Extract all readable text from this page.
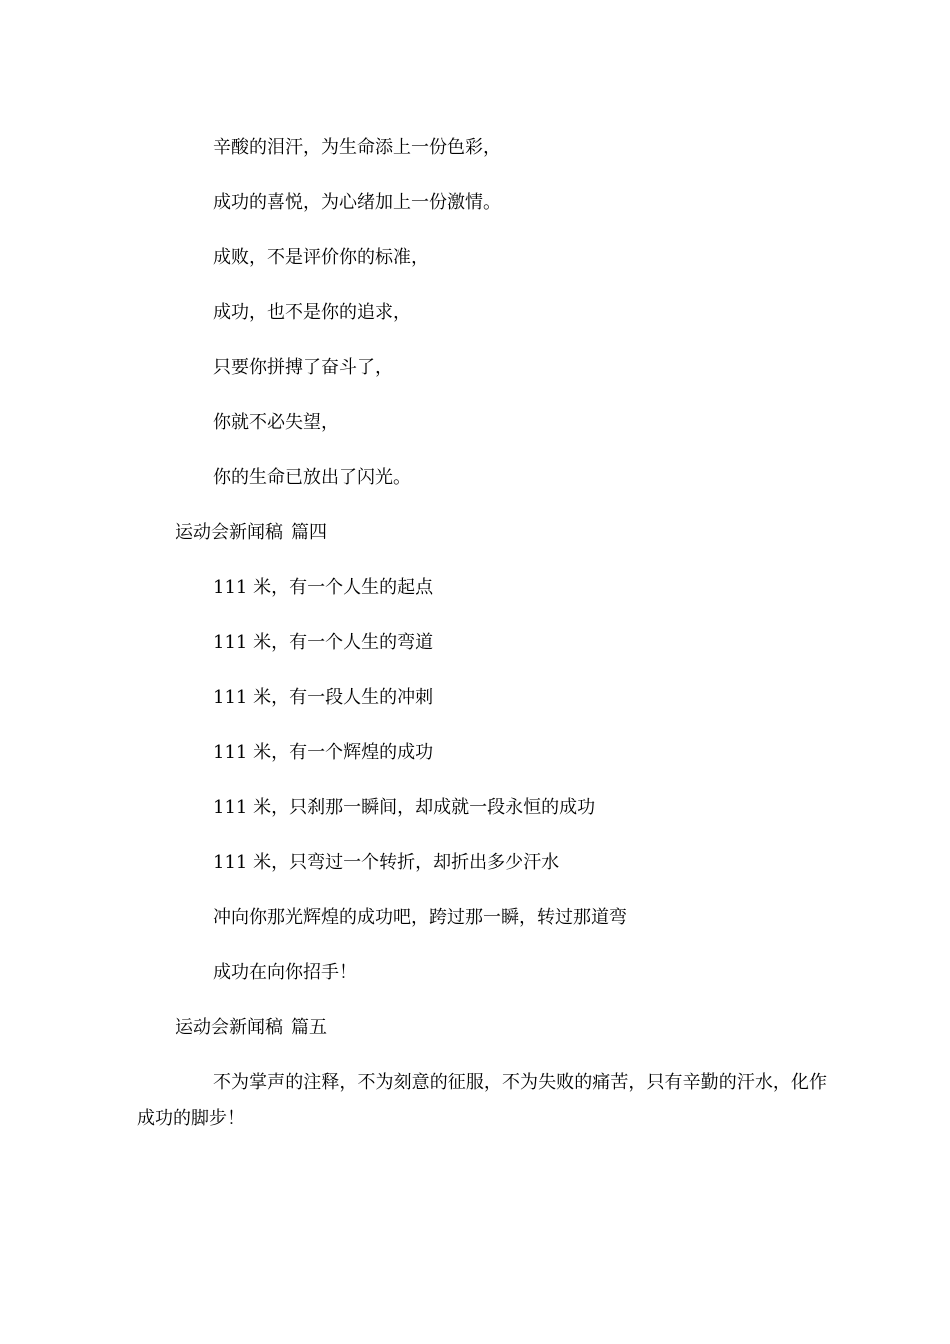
辛酸的泪汗，为生命添上一份色彩，
成功的喜悦，为心绪加上一份激情。
成败，不是评价你的标准，
成功，也不是你的追求，
只要你拼搏了奋斗了，
你就不必失望，
你的生命已放出了闪光。
运动会新闻稿 篇四
111 米，有一个人生的起点
111 米，有一个人生的弯道
111 米，有一段人生的冲刺
111 米，有一个辉煌的成功
111 米，只刹那一瞬间，却成就一段永恒的成功
111 米，只弯过一个转折，却折出多少汗水
冲向你那光辉煌的成功吧，跨过那一瞬，转过那道弯
成功在向你招手！
运动会新闻稿 篇五
不为掌声的注释，不为刻意的征服，不为失败的痛苦，只有辛勤的汗水，化作成功的脚步！
